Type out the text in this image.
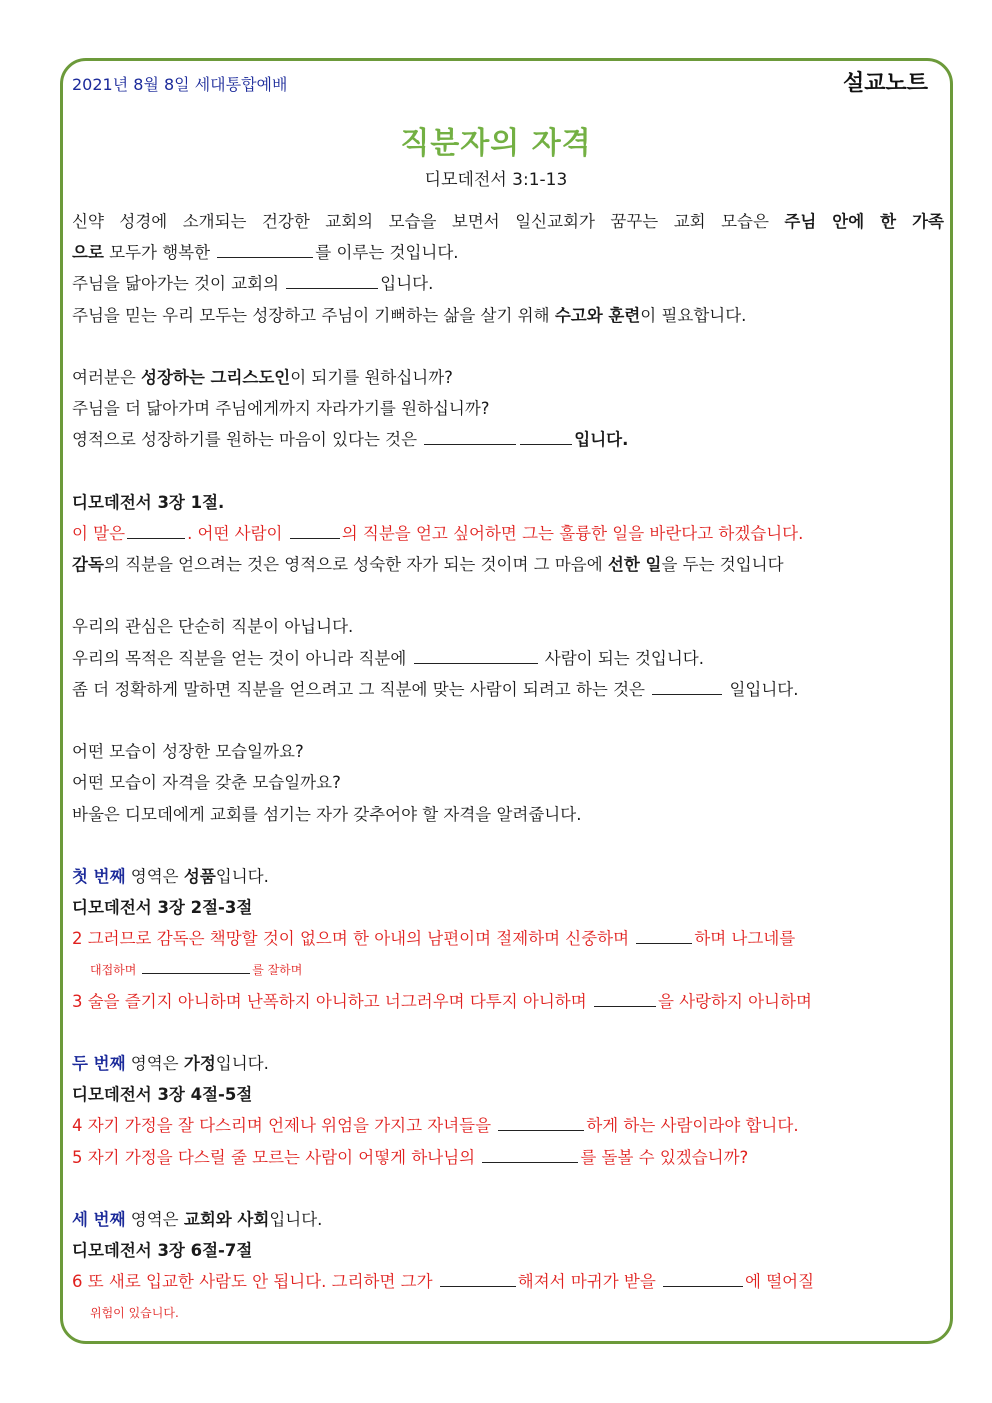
2021년 8월 8일 세대통합예배	설교노트
직분자의 자격
디모데전서 3:1-13
신약 성경에 소개되는 건강한 교회의 모습을 보면서 일신교회가 꿈꾸는 교회 모습은 주님 안에 한 가족
으로 모두가 행복한	를 이루는 것입니다.
주님을 닮아가는 것이 교회의	입니다.
주님을 믿는 우리 모두는 성장하고 주님이 기뻐하는 삶을 살기 위해 수고와 훈련이 필요합니다.
여러분은 성장하는 그리스도인이 되기를 원하십니까?
주님을 더 닮아가며 주님에게까지 자라가기를 원하십니까?
영적으로 성장하기를 원하는 마음이 있다는 것은	입니다.
디모데전서 3장 1절.
이 말은	. 어떤 사람이	의 직분을 얻고 싶어하면 그는 훌륭한 일을 바란다고 하겠습니다.
감독의 직분을 얻으려는 것은 영적으로 성숙한 자가 되는 것이며 그 마음에 선한 일을 두는 것입니다
우리의 관심은 단순히 직분이 아닙니다.
우리의 목적은 직분을 얻는 것이 아니라 직분에	사람이 되는 것입니다.
좀 더 정확하게 말하면 직분을 얻으려고 그 직분에 맞는 사람이 되려고 하는 것은	일입니다.
어떤 모습이 성장한 모습일까요?
어떤 모습이 자격을 갖춘 모습일까요?
바울은 디모데에게 교회를 섬기는 자가 갖추어야 할 자격을 알려줍니다.
첫 번째 영역은 성품입니다.
디모데전서 3장 2절-3절
2 그러므로 감독은 책망할 것이 없으며 한 아내의 남편이며 절제하며 신중하며	하며 나그네를
대접하며	를 잘하며
3 술을 즐기지 아니하며 난폭하지 아니하고 너그러우며 다투지 아니하며	을 사랑하지 아니하며
두 번째 영역은 가정입니다.
디모데전서 3장 4절-5절
4 자기 가정을 잘 다스리며 언제나 위엄을 가지고 자녀들을	하게 하는 사람이라야 합니다.
5 자기 가정을 다스릴 줄 모르는 사람이 어떻게 하나님의	를 돌볼 수 있겠습니까?
세 번째 영역은 교회와 사회입니다.
디모데전서 3장 6절-7절
6 또 새로 입교한 사람도 안 됩니다. 그리하면 그가	해져서 마귀가 받을	에 떨어질
위험이 있습니다.
